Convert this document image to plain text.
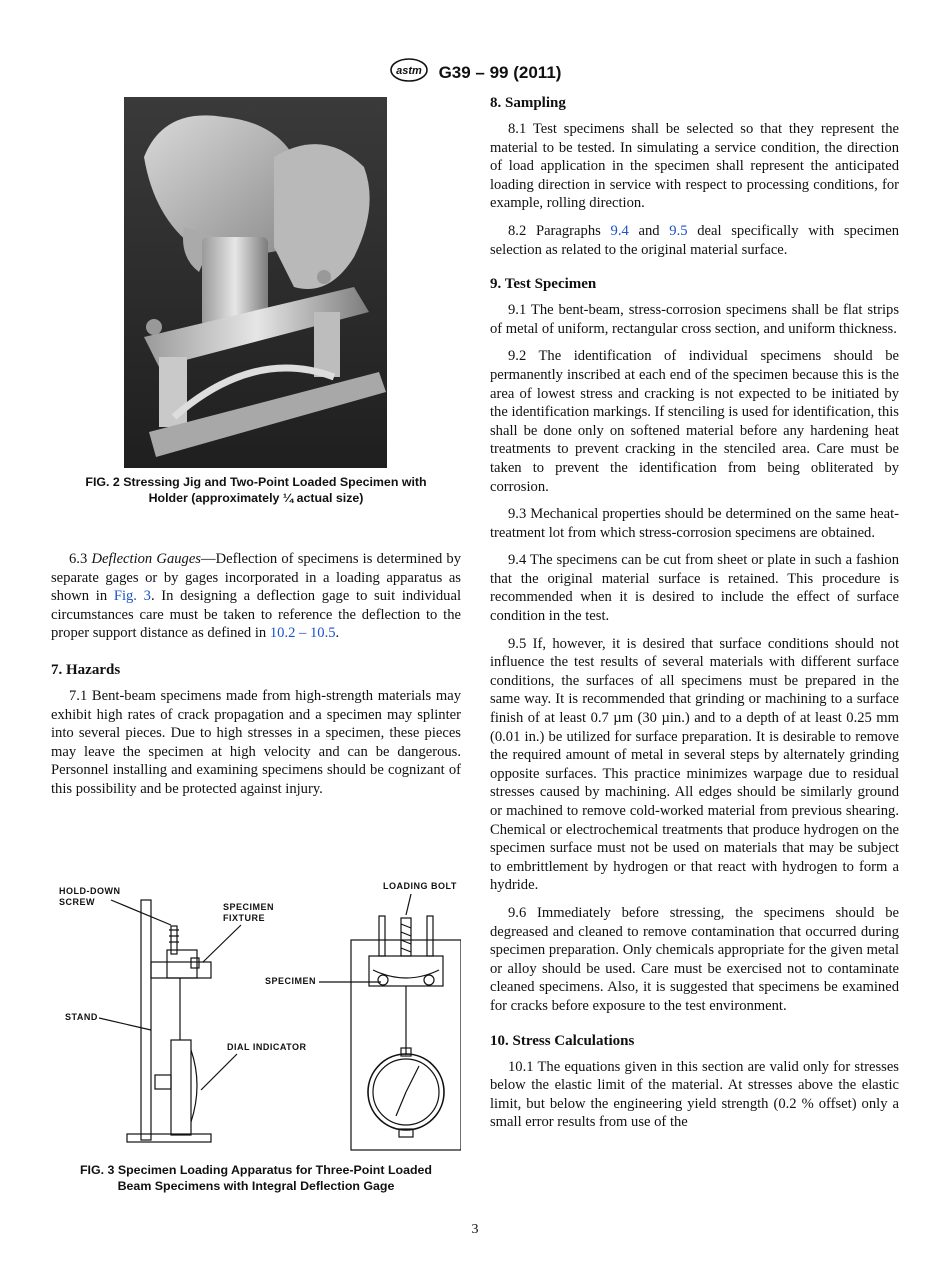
astm G39 – 99 (2011)
FIG. 2 Stressing Jig and Two-Point Loaded Specimen with
Holder (approximately ¼ actual size)

6.3 Deflection Gauges—Deflection of specimens is determined by separate gages or by gages incorporated in a loading apparatus as shown in Fig. 3. In designing a deflection gage to suit individual circumstances care must be taken to reference the deflection to the proper support distance as defined in 10.2 – 10.5.

7. Hazards

7.1 Bent-beam specimens made from high-strength materials may exhibit high rates of crack propagation and a specimen may splinter into several pieces. Due to high stresses in a specimen, these pieces may leave the specimen at high velocity and can be dangerous. Personnel installing and examining specimens should be cognizant of this possibility and be protected against injury.

HOLD-DOWN
SCREW	SPECIMEN
FIXTURE
LOADING BOLT
SPECIMEN
STAND
DIAL INDICATOR
FIG. 3 Specimen Loading Apparatus for Three-Point Loaded
Beam Specimens with Integral Deflection Gage
8. Sampling

8.1 Test specimens shall be selected so that they represent the material to be tested. In simulating a service condition, the direction of load application in the specimen shall represent the anticipated loading direction in service with respect to processing conditions, for example, rolling direction.

8.2 Paragraphs 9.4 and 9.5 deal specifically with specimen selection as related to the original material surface.

9. Test Specimen

9.1 The bent-beam, stress-corrosion specimens shall be flat strips of metal of uniform, rectangular cross section, and uniform thickness.

9.2 The identification of individual specimens should be permanently inscribed at each end of the specimen because this is the area of lowest stress and cracking is not expected to be initiated by the identification markings. If stenciling is used for identification, this shall be done only on softened material before any hardening heat treatments to prevent cracking in the stenciled area. Care must be taken to prevent the identification from being obliterated by corrosion.

9.3 Mechanical properties should be determined on the same heat-treatment lot from which stress-corrosion specimens are obtained.

9.4 The specimens can be cut from sheet or plate in such a fashion that the original material surface is retained. This procedure is recommended when it is desired to include the effect of surface condition in the test.

9.5 If, however, it is desired that surface conditions should not influence the test results of several materials with different surface conditions, the surfaces of all specimens must be prepared in the same way. It is recommended that grinding or machining to a surface finish of at least 0.7 µm (30 µin.) and to a depth of at least 0.25 mm (0.01 in.) be utilized for surface preparation. It is desirable to remove the required amount of metal in several steps by alternately grinding opposite surfaces. This practice minimizes warpage due to residual stresses caused by machining. All edges should be similarly ground or machined to remove cold-worked material from previous shearing. Chemical or electrochemical treatments that produce hydrogen on the specimen surface must not be used on materials that may be subject to embrittlement by hydrogen or that react with hydrogen to form a hydride.

9.6 Immediately before stressing, the specimens should be degreased and cleaned to remove contamination that occurred during specimen preparation. Only chemicals appropriate for the given metal or alloy should be used. Care must be exercised not to contaminate cleaned specimens. Also, it is suggested that specimens be examined for cracks before exposure to the test environment.

10. Stress Calculations

10.1 The equations given in this section are valid only for stresses below the elastic limit of the material. At stresses above the elastic limit, but below the engineering yield strength (0.2 % offset) only a small error results from use of the

3
